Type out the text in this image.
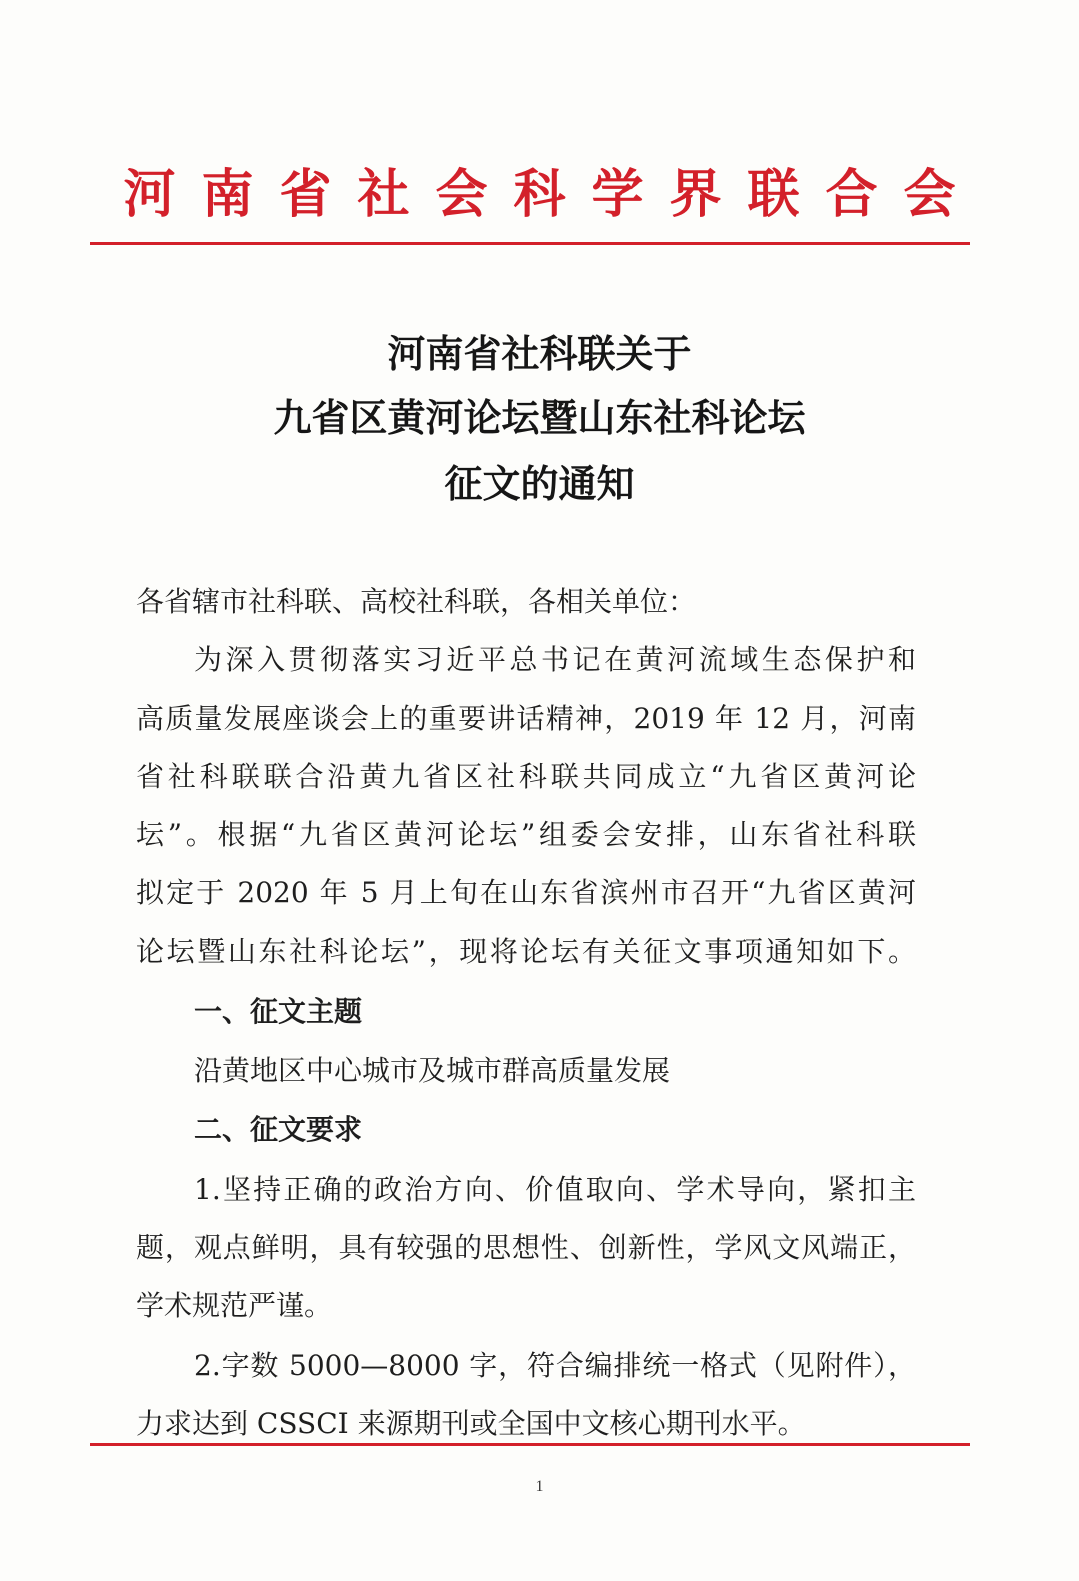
河南省社会科学界联合会
河南省社科联关于
九省区黄河论坛暨山东社科论坛
征文的通知
各省辖市社科联、高校社科联，各相关单位：
为深入贯彻落实习近平总书记在黄河流域生态保护和
高质量发展座谈会上的重要讲话精神，2019 年 12 月，河南
省社科联联合沿黄九省区社科联共同成立“九省区黄河论
坛”。根据“九省区黄河论坛”组委会安排，山东省社科联
拟定于 2020 年 5 月上旬在山东省滨州市召开“九省区黄河
论坛暨山东社科论坛”，现将论坛有关征文事项通知如下。
一、征文主题
沿黄地区中心城市及城市群高质量发展
二、征文要求
1.坚持正确的政治方向、价值取向、学术导向，紧扣主
题，观点鲜明，具有较强的思想性、创新性，学风文风端正，
学术规范严谨。
2.字数 5000—8000 字，符合编排统一格式（见附件），
力求达到 CSSCI 来源期刊或全国中文核心期刊水平。
1
